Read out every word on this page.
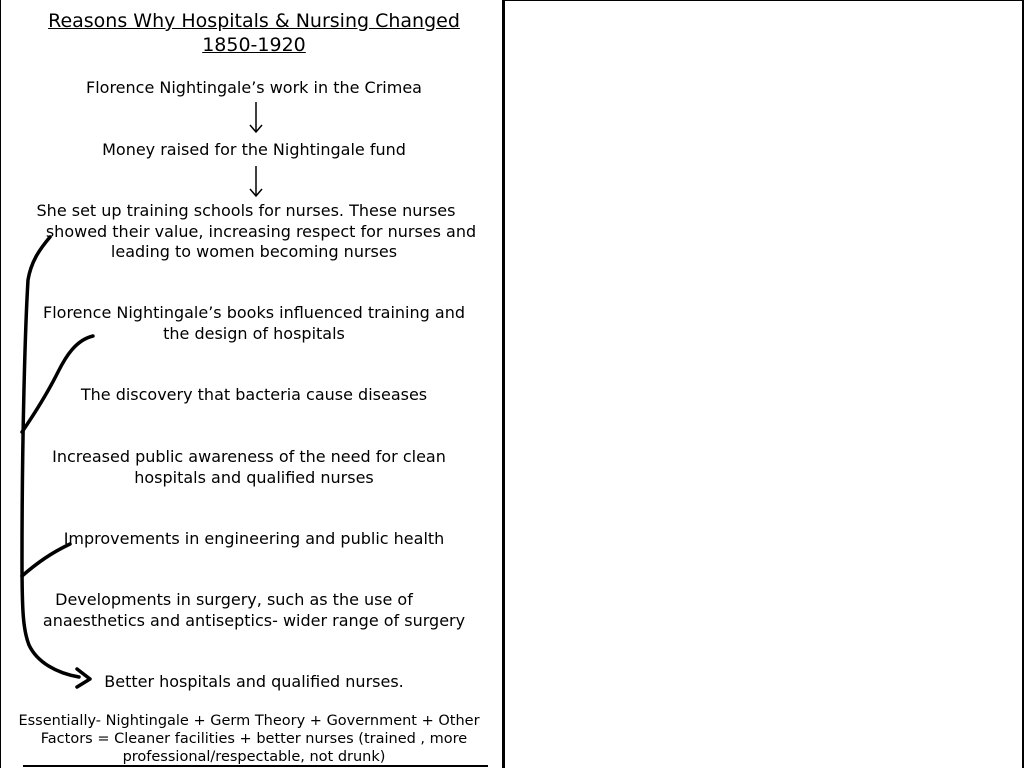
Reasons Why Hospitals & Nursing Changed
1850-1920
Florence Nightingale’s work in the Crimea
Money raised for the Nightingale fund
She set up training schools for nurses. These nurses
showed their value, increasing respect for nurses and
leading to women becoming nurses
Florence Nightingale’s books influenced training and
the design of hospitals
The discovery that bacteria cause diseases
Increased public awareness of the need for clean
hospitals and qualified nurses
Improvements in engineering and public health
Developments in surgery, such as the use of
anaesthetics and antiseptics- wider range of surgery
Better hospitals and qualified nurses.
Essentially- Nightingale + Germ Theory + Government + Other
Factors = Cleaner facilities + better nurses (trained , more
professional/respectable, not drunk)
